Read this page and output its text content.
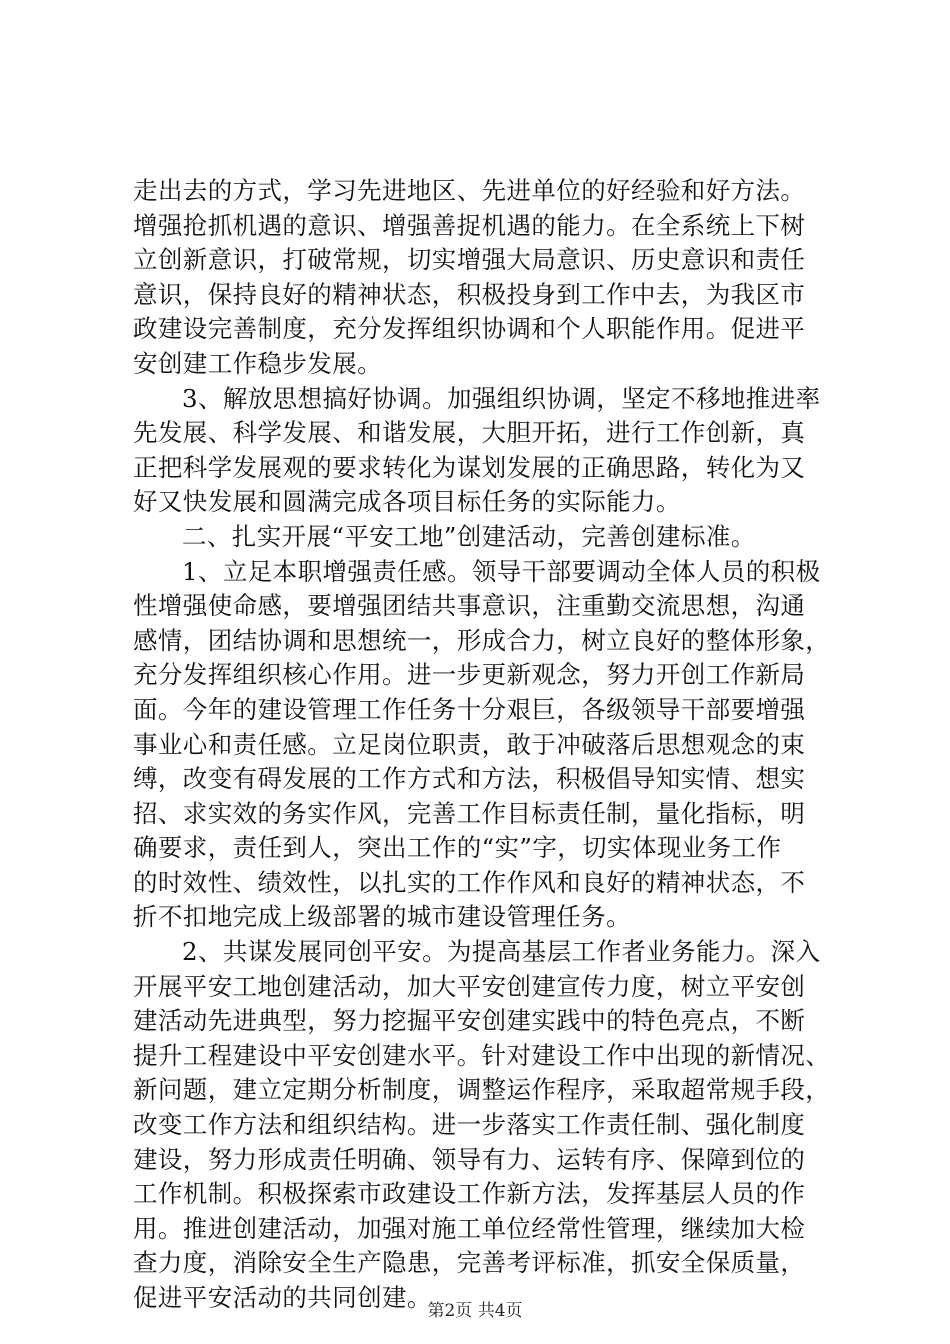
走出去的方式，学习先进地区、先进单位的好经验和好方法。
增强抢抓机遇的意识、增强善捉机遇的能力。在全系统上下树
立创新意识，打破常规，切实增强大局意识、历史意识和责任
意识，保持良好的精神状态，积极投身到工作中去，为我区市
政建设完善制度，充分发挥组织协调和个人职能作用。促进平
安创建工作稳步发展。
3、解放思想搞好协调。加强组织协调，坚定不移地推进率
先发展、科学发展、和谐发展，大胆开拓，进行工作创新，真
正把科学发展观的要求转化为谋划发展的正确思路，转化为又
好又快发展和圆满完成各项目标任务的实际能力。
二、扎实开展“平安工地”创建活动，完善创建标准。
1、立足本职增强责任感。领导干部要调动全体人员的积极
性增强使命感，要增强团结共事意识，注重勤交流思想，沟通
感情，团结协调和思想统一，形成合力，树立良好的整体形象，
充分发挥组织核心作用。进一步更新观念，努力开创工作新局
面。今年的建设管理工作任务十分艰巨，各级领导干部要增强
事业心和责任感。立足岗位职责，敢于冲破落后思想观念的束
缚，改变有碍发展的工作方式和方法，积极倡导知实情、想实
招、求实效的务实作风，完善工作目标责任制，量化指标，明
确要求，责任到人，突出工作的“实”字，切实体现业务工作
的时效性、绩效性，以扎实的工作作风和良好的精神状态，不
折不扣地完成上级部署的城市建设管理任务。
2、共谋发展同创平安。为提高基层工作者业务能力。深入
开展平安工地创建活动，加大平安创建宣传力度，树立平安创
建活动先进典型，努力挖掘平安创建实践中的特色亮点，不断
提升工程建设中平安创建水平。针对建设工作中出现的新情况、
新问题，建立定期分析制度，调整运作程序，采取超常规手段，
改变工作方法和组织结构。进一步落实工作责任制、强化制度
建设，努力形成责任明确、领导有力、运转有序、保障到位的
工作机制。积极探索市政建设工作新方法，发挥基层人员的作
用。推进创建活动，加强对施工单位经常性管理，继续加大检
查力度，消除安全生产隐患，完善考评标准，抓安全保质量，
促进平安活动的共同创建。
第2页 共4页
